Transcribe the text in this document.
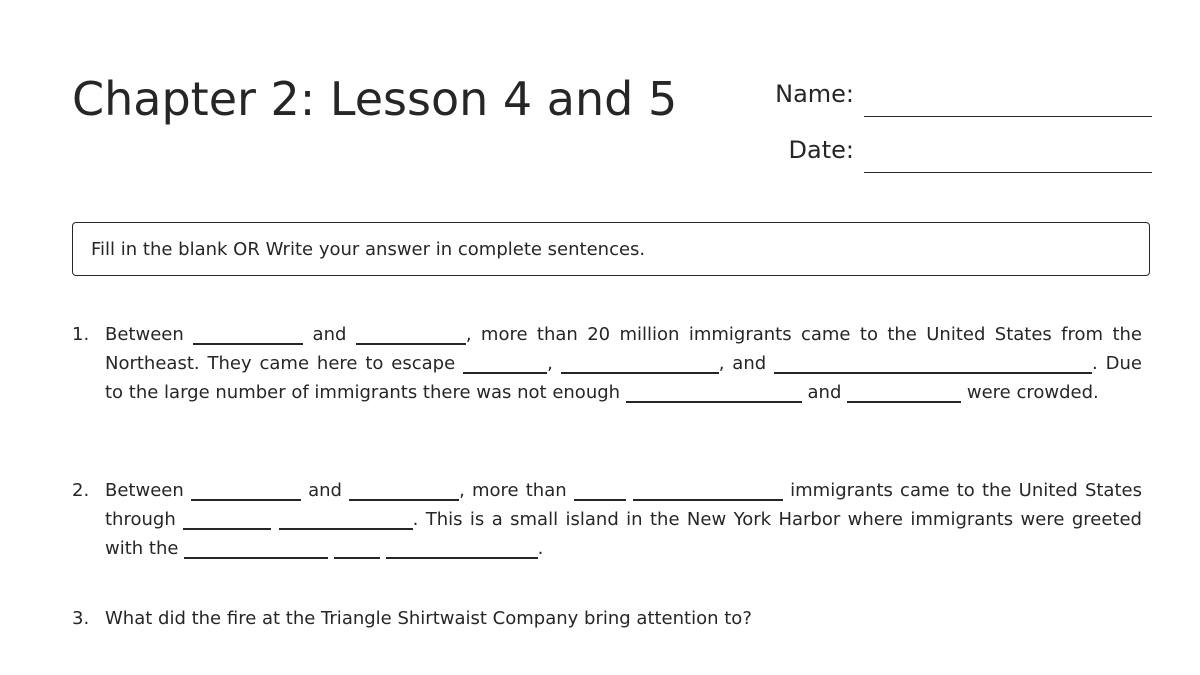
Chapter 2: Lesson 4 and 5	Name:
Date:
Fill in the blank OR Write your answer in complete sentences.
1. Between	and	, more than 20 million immigrants came to the United States from the Northeast. They came here to escape	,	, and	. Due to the large number of immigrants there was not enough	and	were crowded.
2. Between	and	, more than	immigrants came to the United States through	. This is a small island in the New York Harbor where immigrants were greeted with the	.
3. What did the fire at the Triangle Shirtwaist Company bring attention to?
